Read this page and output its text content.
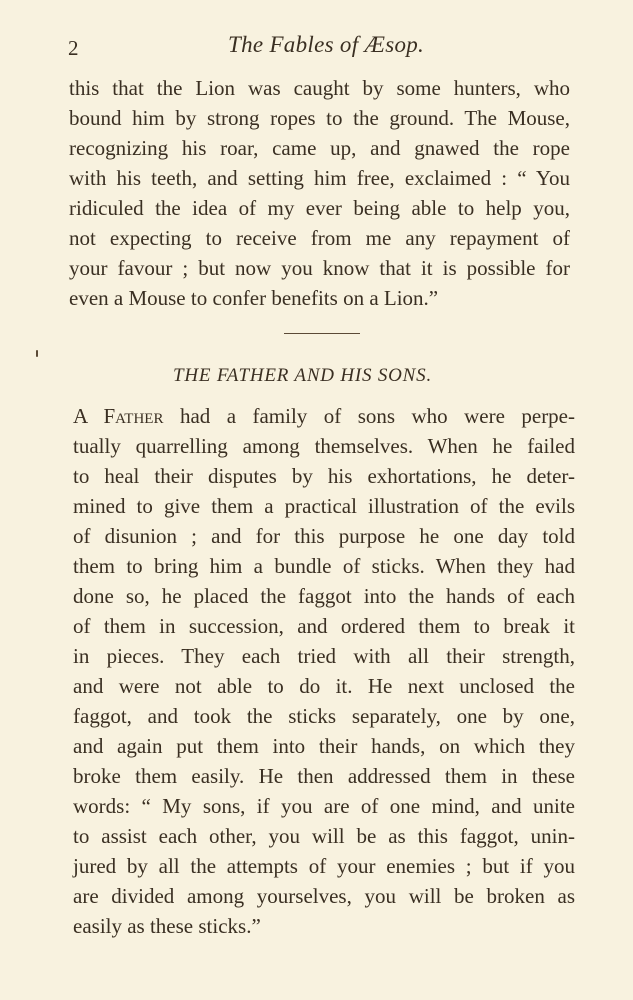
2	The Fables of Æsop.
this that the Lion was caught by some hunters, who
bound him by strong ropes to the ground. The Mouse,
recognizing his roar, came up, and gnawed the rope
with his teeth, and setting him free, exclaimed : “ You
ridiculed the idea of my ever being able to help you,
not expecting to receive from me any repayment of
your favour ; but now you know that it is possible for
even a Mouse to confer benefits on a Lion.”
THE FATHER AND HIS SONS.
A Father had a family of sons who were perpe-
tually quarrelling among themselves. When he failed
to heal their disputes by his exhortations, he deter-
mined to give them a practical illustration of the evils
of disunion ; and for this purpose he one day told
them to bring him a bundle of sticks. When they had
done so, he placed the faggot into the hands of each
of them in succession, and ordered them to break it
in pieces. They each tried with all their strength,
and were not able to do it. He next unclosed the
faggot, and took the sticks separately, one by one,
and again put them into their hands, on which they
broke them easily. He then addressed them in these
words: “ My sons, if you are of one mind, and unite
to assist each other, you will be as this faggot, unin-
jured by all the attempts of your enemies ; but if you
are divided among yourselves, you will be broken as
easily as these sticks.”
